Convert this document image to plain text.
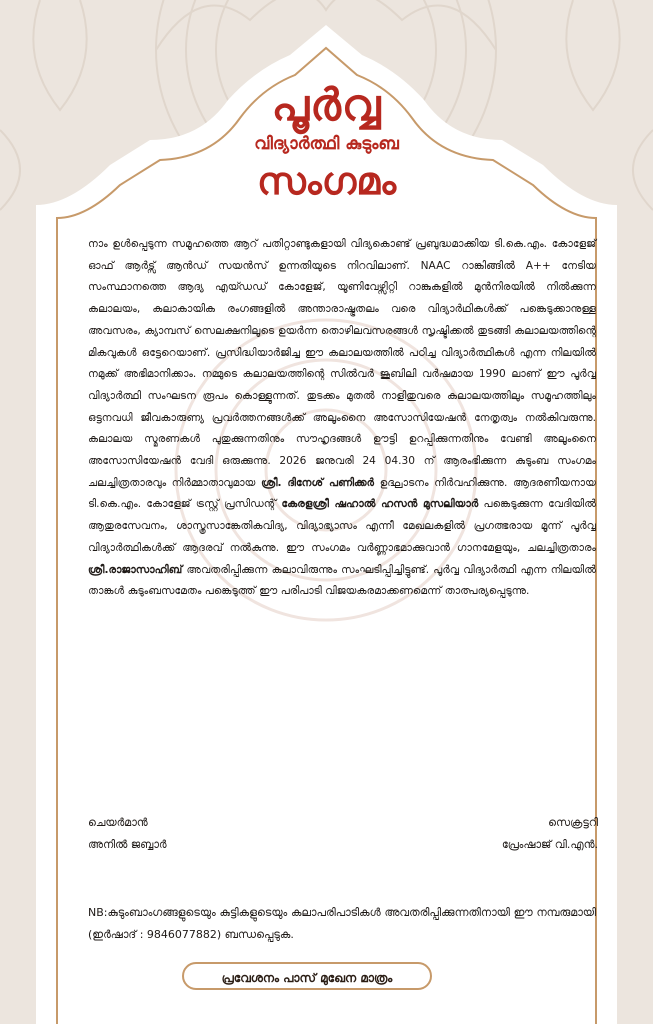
പൂർവ്വ
വിദ്യാർത്ഥി കുടുംബ
സംഗമം
നാം ഉൾപ്പെടുന്ന സമൂഹത്തെ ആറ് പതിറ്റാണ്ടുകളായി വിദ്യകൊണ്ട് പ്രബുദ്ധമാക്കിയ ടി.കെ.എം. കോളേജ് ഓഫ് ആർട്സ് ആൻഡ് സയൻസ് ഉന്നതിയുടെ നിറവിലാണ്. NAAC റാങ്കിങ്ങിൽ A++ നേടിയ സംസ്ഥാനത്തെ ആദ്യ എയ്ഡഡ് കോളേജ്, യൂണിവേഴ്സിറ്റി റാങ്കുകളിൽ മുൻനിരയിൽ നിൽക്കുന്ന കലാലയം, കലാകായിക രംഗങ്ങളിൽ അന്താരാഷ്ട്രതലം വരെ വിദ്യാർഥികൾക്ക് പങ്കെടുക്കാനുള്ള അവസരം, ക്യാമ്പസ് സെലക്ഷനിലൂടെ ഉയർന്ന തൊഴിലവസരങ്ങൾ സൃഷ്ടിക്കൽ തുടങ്ങി കലാലയത്തിന്റെ മികവുകൾ ഒട്ടേറെയാണ്. പ്രസിദ്ധിയാർജിച്ച ഈ കലാലയത്തിൽ പഠിച്ച വിദ്യാർത്ഥികൾ എന്ന നിലയിൽ നമുക്ക് അഭിമാനിക്കാം. നമ്മുടെ കലാലയത്തിന്റെ സിൽവർ ജൂബിലി വർഷമായ 1990 ലാണ് ഈ പൂർവ്വ വിദ്യാർത്ഥി സംഘടന രൂപം കൊള്ളുന്നത്. തുടക്കം മുതൽ നാളിതുവരെ കലാലയത്തിലും സമൂഹത്തിലും ഒട്ടനവധി ജീവകാരുണ്യ പ്രവർത്തനങ്ങൾക്ക് അലൂംനൈ അസോസിയേഷൻ നേതൃത്വം നൽകിവരുന്നു. കലാലയ സ്മരണകൾ പുതുക്കുന്നതിനും സൗഹൃദങ്ങൾ ഊട്ടി ഉറപ്പിക്കുന്നതിനും വേണ്ടി അലൂംനൈ അസോസിയേഷൻ വേദി ഒരുക്കുന്നു. 2026 ജനുവരി 24 04.30 ന് ആരംഭിക്കുന്ന കുടുംബ സംഗമം ചലച്ചിത്രതാരവും നിർമ്മാതാവുമായ ശ്രീ. ദിനേശ് പണിക്കർ ഉദ്ഘാടനം നിർവഹിക്കുന്നു. ആദരണീയനായ ടി.കെ.എം. കോളേജ് ട്രസ്റ്റ് പ്രസിഡന്റ് കേരളശ്രീ ഷഹാൽ ഹസൻ മുസലിയാർ പങ്കെടുക്കുന്ന വേദിയിൽ ആതുരസേവനം, ശാസ്ത്രസാങ്കേതികവിദ്യ, വിദ്യാഭ്യാസം എന്നീ മേഖലകളിൽ പ്രഗത്ഭരായ മൂന്ന് പൂർവ്വ വിദ്യാർത്ഥികൾക്ക് ആദരവ് നൽകുന്നു. ഈ സംഗമം വർണ്ണാഭമാക്കുവാൻ ഗാനമേളയും, ചലച്ചിത്രതാരം ശ്രീ.രാജാസാഹിബ് അവതരിപ്പിക്കുന്ന കലാവിരുന്നും സംഘടിപ്പിച്ചിട്ടുണ്ട്. പൂർവ്വ വിദ്യാർത്ഥി എന്ന നിലയിൽ താങ്കൾ കുടുംബസമേതം പങ്കെടുത്ത് ഈ പരിപാടി വിജയകരമാക്കണമെന്ന് താത്പര്യപ്പെടുന്നു.
ചെയർമാൻ
അനിൽ ജബ്ബാർ
സെക്രട്ടറി
പ്രേംഷാജ് വി.എൻ.
NB:കുടുംബാംഗങ്ങളുടെയും കുട്ടികളുടെയും കലാപരിപാടികൾ അവതരിപ്പിക്കുന്നതിനായി ഈ നമ്പരുമായി (ഇർഷാദ് : 9846077882) ബന്ധപ്പെടുക.
പ്രവേശനം പാസ് മുഖേന മാത്രം
